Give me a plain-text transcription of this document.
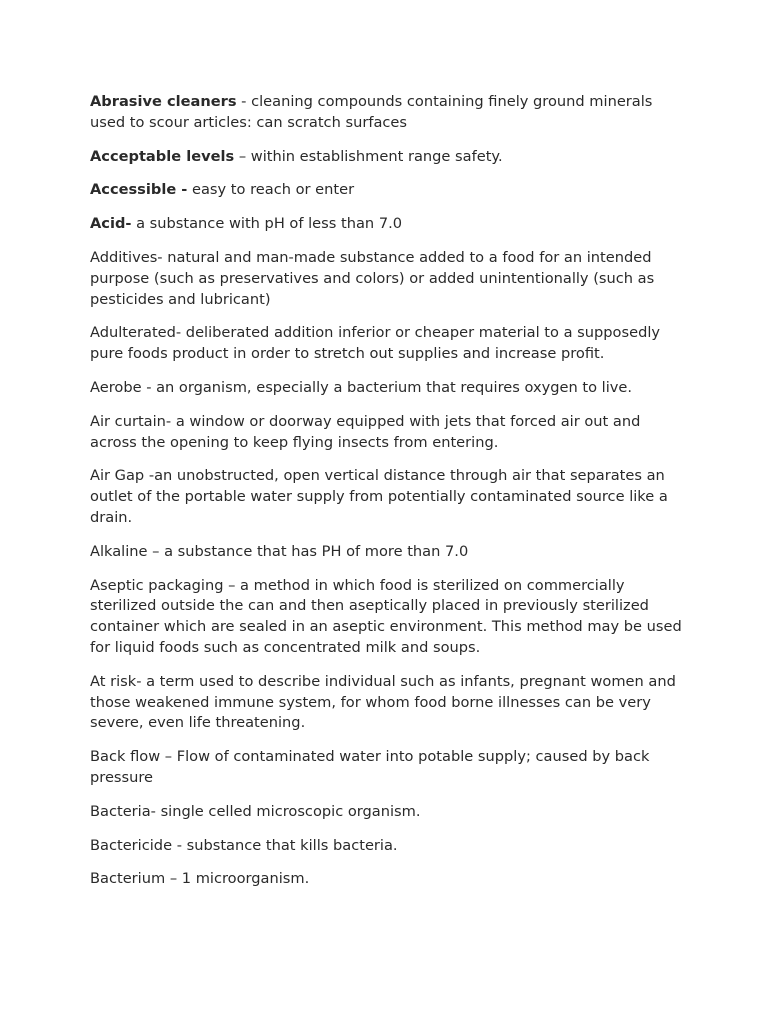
Abrasive cleaners - cleaning compounds containing finely ground minerals used to scour articles: can scratch surfaces

Acceptable levels – within establishment range safety.

Accessible - easy to reach or enter

Acid- a substance with pH of less than 7.0

Additives- natural and man-made substance added to a food for an intended purpose (such as preservatives and colors) or added unintentionally (such as pesticides and lubricant)

Adulterated- deliberated addition inferior or cheaper material to a supposedly pure foods product in order to stretch out supplies and increase profit.

Aerobe - an organism, especially a bacterium that requires oxygen to live.

Air curtain- a window or doorway equipped with jets that forced air out and across the opening to keep flying insects from entering.

Air Gap -an unobstructed, open vertical distance through air that separates an outlet of the portable water supply from potentially contaminated source like a drain.

Alkaline – a substance that has PH of more than 7.0

Aseptic packaging – a method in which food is sterilized on commercially sterilized outside the can and then aseptically placed in previously sterilized container which are sealed in an aseptic environment. This method may be used for liquid foods such as concentrated milk and soups.

At risk- a term used to describe individual such as infants, pregnant women and those weakened immune system, for whom food borne illnesses can be very severe, even life threatening.

Back flow – Flow of contaminated water into potable supply; caused by back pressure

Bacteria- single celled microscopic organism.

Bactericide - substance that kills bacteria.

Bacterium – 1 microorganism.
